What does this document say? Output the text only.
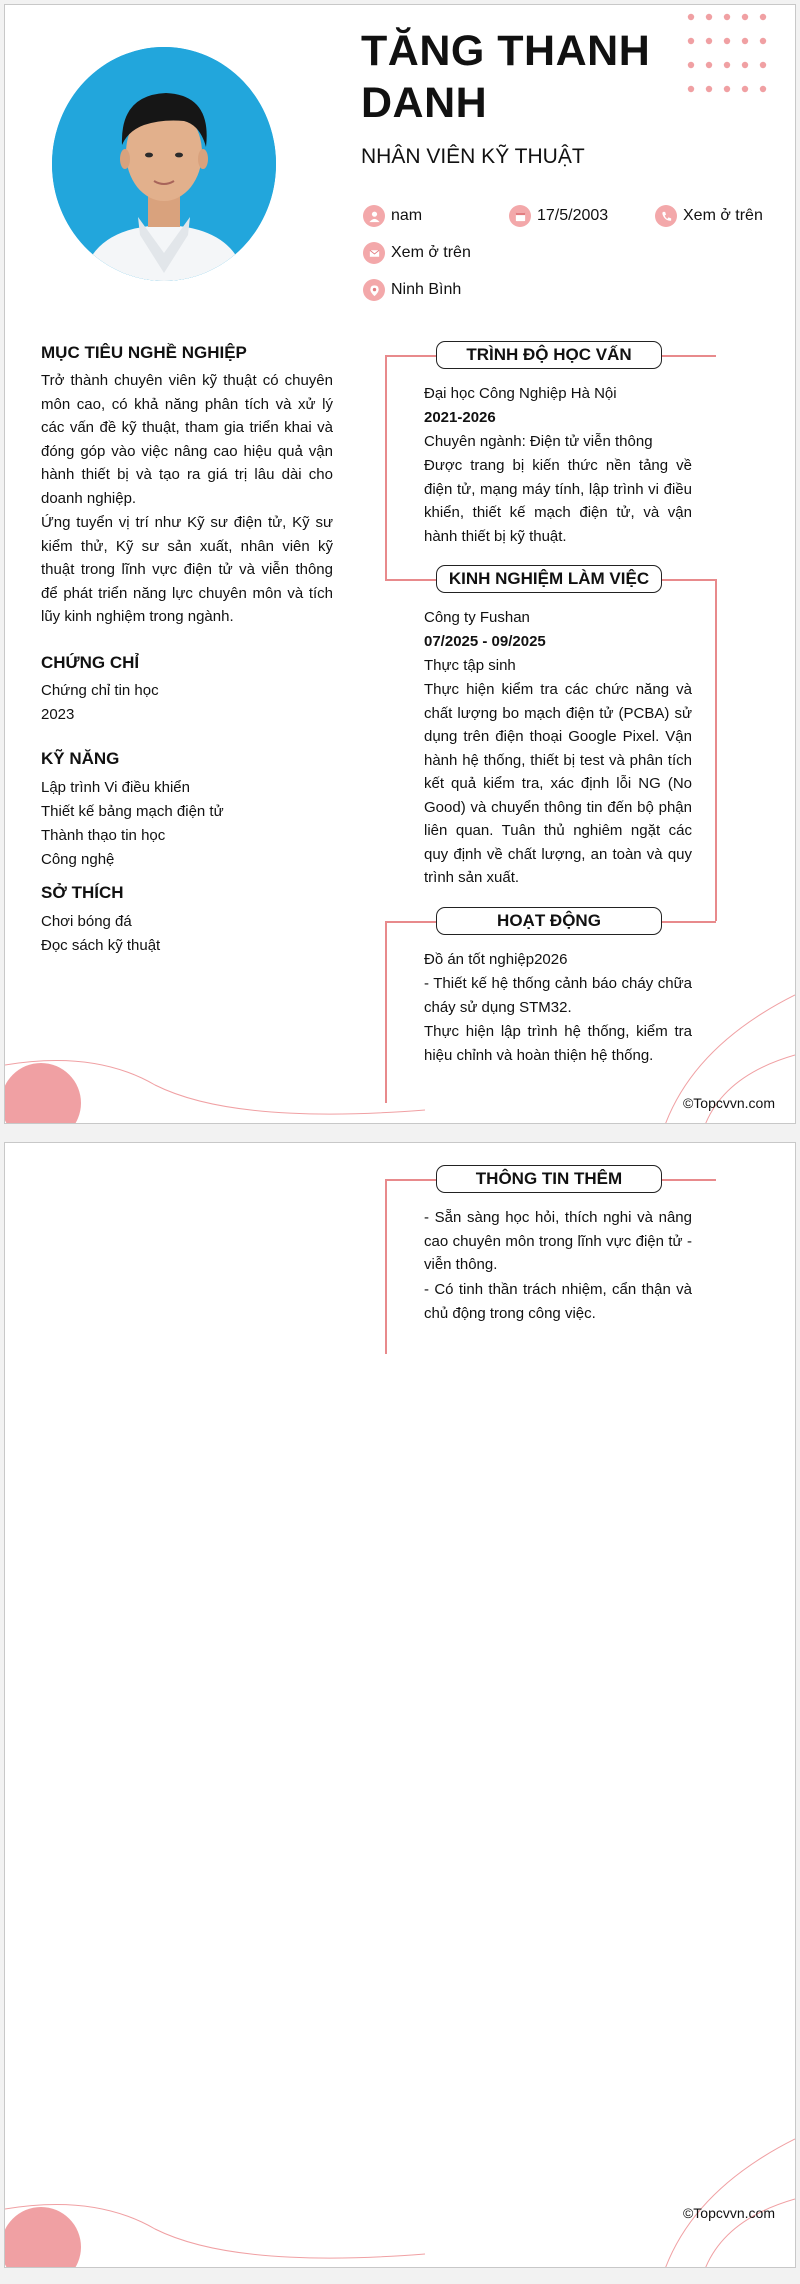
TĂNG THANH DANH
NHÂN VIÊN KỸ THUẬT
nam	17/5/2003	Xem ở trên
Xem ở trên
Ninh Bình
MỤC TIÊU NGHỀ NGHIỆP
Trở thành chuyên viên kỹ thuật có chuyên môn cao, có khả năng phân tích và xử lý các vấn đề kỹ thuật, tham gia triển khai và đóng góp vào việc nâng cao hiệu quả vận hành thiết bị và tạo ra giá trị lâu dài cho doanh nghiệp.
Ứng tuyển vị trí như Kỹ sư điện tử, Kỹ sư kiểm thử, Kỹ sư sản xuất, nhân viên kỹ thuật trong lĩnh vực điện tử và viễn thông để phát triển năng lực chuyên môn và tích lũy kinh nghiệm trong ngành.
CHỨNG CHỈ
Chứng chỉ tin học
2023
KỸ NĂNG
Lập trình Vi điều khiển
Thiết kế bảng mạch điện tử
Thành thạo tin học
Công nghệ
SỞ THÍCH
Chơi bóng đá
Đọc sách kỹ thuật
TRÌNH ĐỘ HỌC VẤN
Đại học Công Nghiệp Hà Nội
2021-2026
Chuyên ngành: Điện tử viễn thông
Được trang bị kiến thức nền tảng về điện tử, mạng máy tính, lập trình vi điều khiển, thiết kế mạch điện tử, và vận hành thiết bị kỹ thuật.
KINH NGHIỆM LÀM VIỆC
Công ty Fushan
07/2025 - 09/2025
Thực tập sinh
Thực hiện kiểm tra các chức năng và chất lượng bo mạch điện tử (PCBA) sử dụng trên điện thoại Google Pixel. Vận hành hệ thống, thiết bị test và phân tích kết quả kiểm tra, xác định lỗi NG (No Good) và chuyển thông tin đến bộ phận liên quan. Tuân thủ nghiêm ngặt các quy định về chất lượng, an toàn và quy trình sản xuất.
HOẠT ĐỘNG
Đồ án tốt nghiệp2026
- Thiết kế hệ thống cảnh báo cháy chữa cháy sử dụng STM32.
Thực hiện lập trình hệ thống, kiểm tra hiệu chỉnh và hoàn thiện hệ thống.
©Topcvvn.com
THÔNG TIN THÊM
- Sẵn sàng học hỏi, thích nghi và nâng cao chuyên môn trong lĩnh vực điện tử - viễn thông.
- Có tinh thần trách nhiệm, cẩn thận và chủ động trong công việc.
©Topcvvn.com
